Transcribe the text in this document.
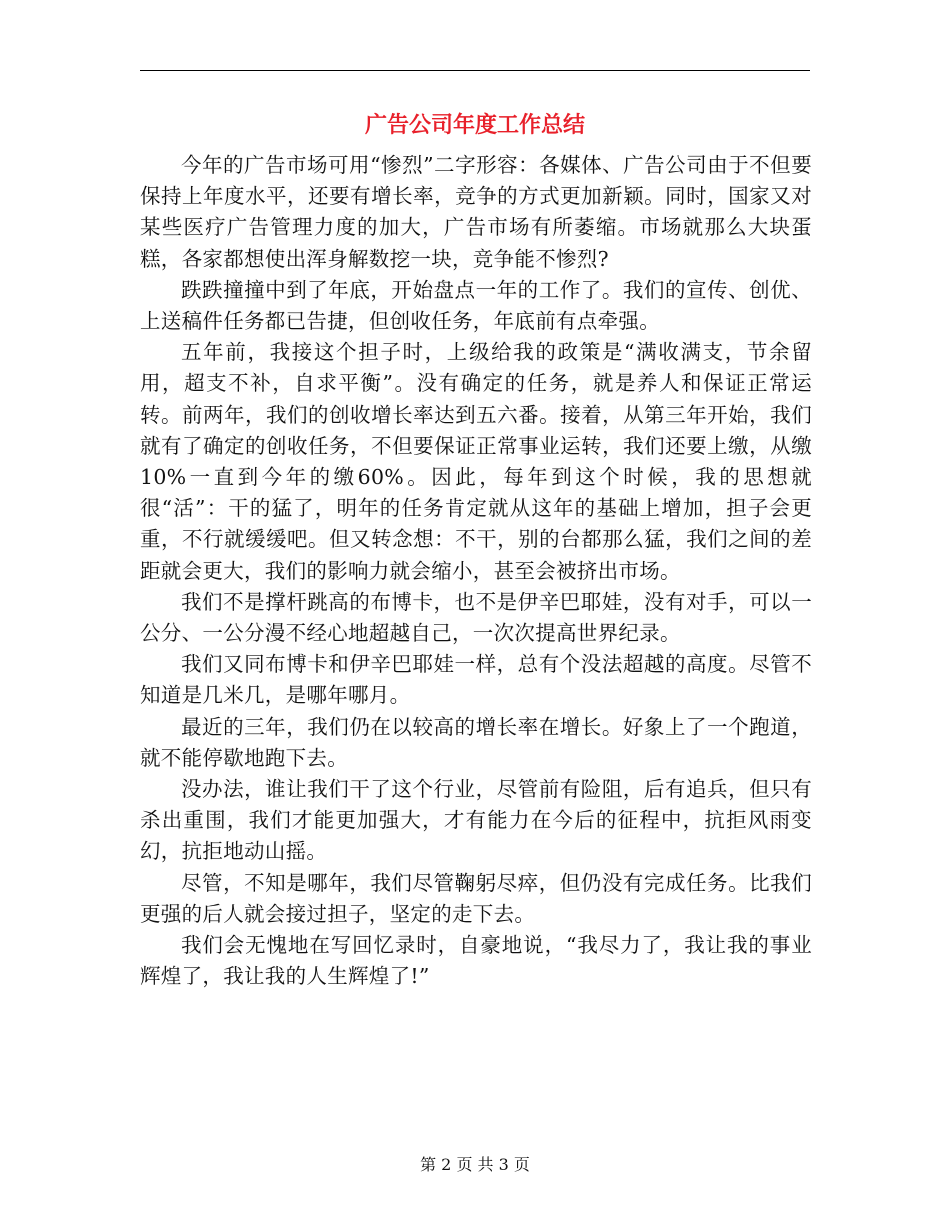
广告公司年度工作总结

今年的广告市场可用“惨烈”二字形容：各媒体、广告公司由于不但要保持上年度水平，还要有增长率，竞争的方式更加新颖。同时，国家又对某些医疗广告管理力度的加大，广告市场有所萎缩。市场就那么大块蛋糕，各家都想使出浑身解数挖一块，竞争能不惨烈?

跌跌撞撞中到了年底，开始盘点一年的工作了。我们的宣传、创优、上送稿件任务都已告捷，但创收任务，年底前有点牵强。

五年前，我接这个担子时，上级给我的政策是“满收满支，节余留用，超支不补，自求平衡”。没有确定的任务，就是养人和保证正常运转。前两年，我们的创收增长率达到五六番。接着，从第三年开始，我们就有了确定的创收任务，不但要保证正常事业运转，我们还要上缴，从缴10%一直到今年的缴60%。因此，每年到这个时候，我的思想就很“活”：干的猛了，明年的任务肯定就从这年的基础上增加，担子会更重，不行就缓缓吧。但又转念想：不干，别的台都那么猛，我们之间的差距就会更大，我们的影响力就会缩小，甚至会被挤出市场。

我们不是撑杆跳高的布博卡，也不是伊辛巴耶娃，没有对手，可以一公分、一公分漫不经心地超越自己，一次次提高世界纪录。

我们又同布博卡和伊辛巴耶娃一样，总有个没法超越的高度。尽管不知道是几米几，是哪年哪月。

最近的三年，我们仍在以较高的增长率在增长。好象上了一个跑道，就不能停歇地跑下去。

没办法，谁让我们干了这个行业，尽管前有险阻，后有追兵，但只有杀出重围，我们才能更加强大，才有能力在今后的征程中，抗拒风雨变幻，抗拒地动山摇。

尽管，不知是哪年，我们尽管鞠躬尽瘁，但仍没有完成任务。比我们更强的后人就会接过担子，坚定的走下去。

我们会无愧地在写回忆录时，自豪地说，“我尽力了，我让我的事业辉煌了，我让我的人生辉煌了!”

第 2 页 共 3 页
